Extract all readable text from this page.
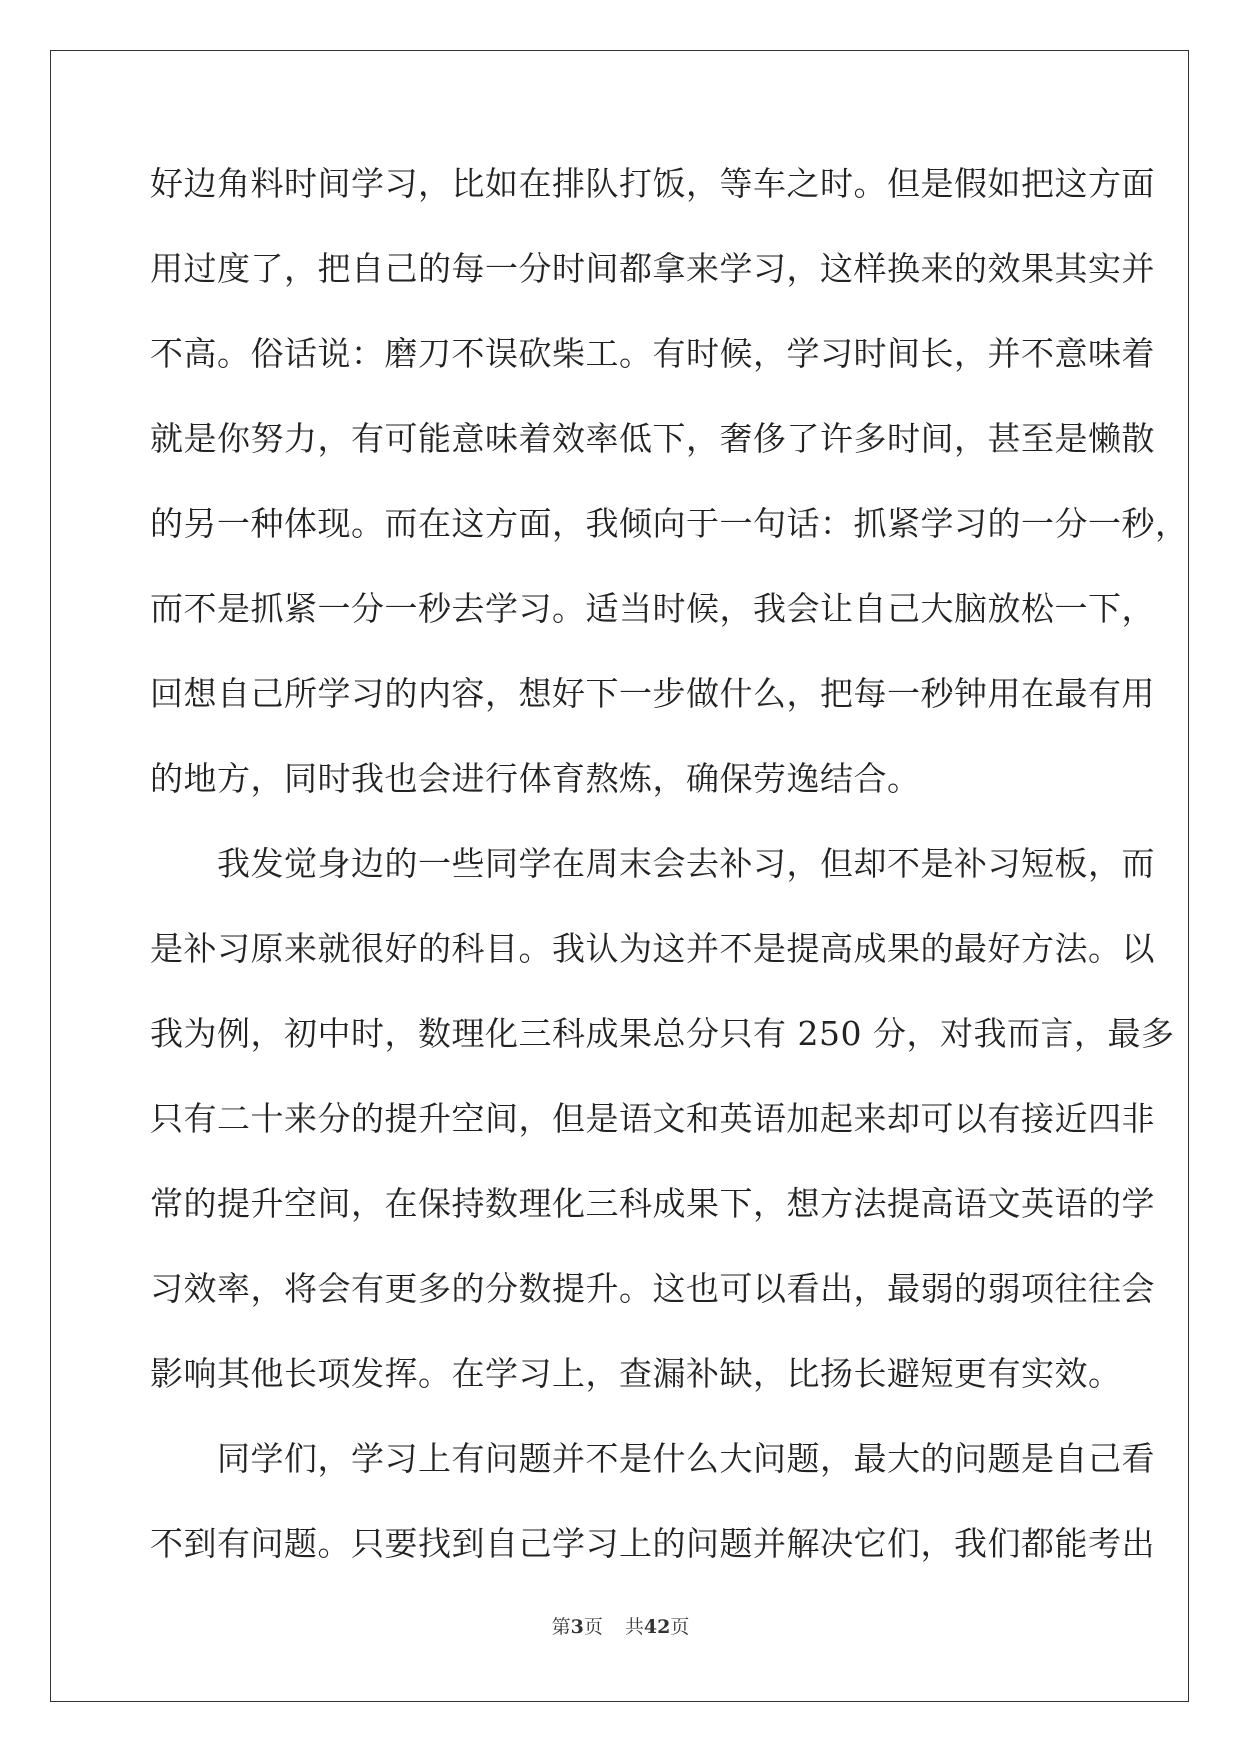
好边角料时间学习，比如在排队打饭，等车之时。但是假如把这方面
用过度了，把自己的每一分时间都拿来学习，这样换来的效果其实并
不高。俗话说：磨刀不误砍柴工。有时候，学习时间长，并不意味着
就是你努力，有可能意味着效率低下，奢侈了许多时间，甚至是懒散
的另一种体现。而在这方面，我倾向于一句话：抓紧学习的一分一秒，
而不是抓紧一分一秒去学习。适当时候，我会让自己大脑放松一下，
回想自己所学习的内容，想好下一步做什么，把每一秒钟用在最有用
的地方，同时我也会进行体育熬炼，确保劳逸结合。
　　我发觉身边的一些同学在周末会去补习，但却不是补习短板，而
是补习原来就很好的科目。我认为这并不是提高成果的最好方法。以
我为例，初中时，数理化三科成果总分只有 250 分，对我而言，最多
只有二十来分的提升空间，但是语文和英语加起来却可以有接近四非
常的提升空间，在保持数理化三科成果下，想方法提高语文英语的学
习效率，将会有更多的分数提升。这也可以看出，最弱的弱项往往会
影响其他长项发挥。在学习上，查漏补缺，比扬长避短更有实效。
　　同学们，学习上有问题并不是什么大问题，最大的问题是自己看
不到有问题。只要找到自己学习上的问题并解决它们，我们都能考出
第3页 共42页
